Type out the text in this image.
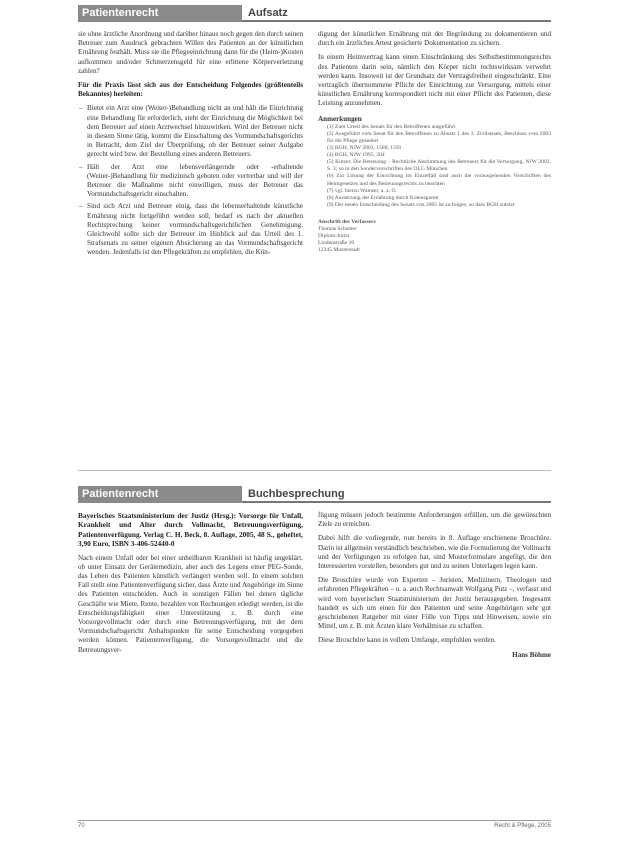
Patientenrecht	Aufsatz

sie ohne ärztliche Anordnung und darüber hinaus noch gegen den durch seinen Betreuer zum Ausdruck gebrachten Willen des Patienten an der künstlichen Ernährung festhält. Muss sie die Pflegeeinrichtung dann für die (Heim-)Kosten aufkommen und/oder Schmerzensgeld für eine erlittene Körperverletzung zahlen?

Für die Praxis lässt sich aus der Entscheidung Folgendes (größtenteils Bekanntes) herleiten:

– Bietet ein Arzt eine (Weiter-)Behandlung nicht an und hält die Einrichtung eine Behandlung für erforderlich, steht der Einrichtung die Möglichkeit bei dem Betreuer auf einen Arztwechsel hinzuwirken. Wird der Betreuer nicht in diesem Sinne tätig, kommt die Einschaltung des Vormundschaftsgerichts in Betracht, dem Ziel der Überprüfung, ob der Betreuer seiner Aufgabe gerecht wird bzw. der Bestellung eines anderen Betreuers.
– Hält der Arzt eine lebensverlängernde oder -erhaltende (Weiter-)Behandlung für medizinisch geboten oder vertretbar und will der Betreuer die Maßnahme nicht einwilligen, muss der Betreuer das Vormundschaftsgericht einschalten.
– Sind sich Arzt und Betreuer einig, dass die lebenserhaltende künstliche Ernährung nicht fortgeführt werden soll, bedarf es nach der aktuellen Rechtsprechung keiner vormundschaftsgerichtlichen Genehmigung. Gleichwohl sollte sich der Betreuer im Hinblick auf das Urteil des 1. Strafsenats zu seiner eigenen Absicherung an das Vormundschaftsgericht wenden. Jedenfalls ist den Pflegekräften zu empfehlen, die Kün-

digung der künstlichen Ernährung mit der Begründung zu dokumentieren und durch ein ärztliches Attest gesicherte Dokumentation zu sichern.

In einem Heimvertrag kann einen Einschränkung des Selbstbestimmungsrechts des Patienten darin sein, nämlich den Körper nicht rechtswirksam verwehrt werden kann. Insoweit ist der Grundsatz der Vertragsfreiheit eingeschränkt. Eine vertraglich übernommene Pflicht der Einrichtung zur Versorgung, mittels einer künstlichen Ernährung korrespondiert nicht mit einer Pflicht des Patienten, diese Leistung anzunehmen.

Anmerkungen
(1) Zum Urteil des Senats für den Betroffenen ausgeführt
(2) Ausgeführt vom Senat für den Betroffenen zu Absatz 1 des 3. Zivilsenats, Beschluss vom 2003 für die Pflege geändert
(3) BGH, NJW 2003, 1588, 1591
(4) BGH, NJW 1995, 204
(5) Kutzer, Die Betreuung – Rechtliche Abstimmung des Betreuers für die Versorgung, NJW 2003, S. 3; so in den Sondervorschriften des OLG München
(6) Zur Lösung der Einrichtung im Einzelfall sind auch die vorausgehenden Vorschriften des Heimgesetzes und des Betreuungsrechts zu beachten
(7) vgl. hierzu Wamser, a. a. O.
(8) Aussetzung der Ernährung durch Kotenspuren
(9) Der neuen Entscheidung des Senats von 2005 ist zu folgen, so dass BGH zuletzt
Anschrift des Verfassers
Thomas Schuster
Diplom-Jurist
Lindenstraße 10
12345 Musterstadt
Patientenrecht	Buchbesprechung

Bayerisches Staatsministerium der Justiz (Hrsg.): Vorsorge für Unfall, Krankheit und Alter durch Vollmacht, Betreuungsverfügung, Patientenverfügung. Verlag C. H. Beck, 8. Auflage, 2005, 48 S., geheftet, 3,90 Euro, ISBN 3-406-52440-0

Nach einem Unfall oder bei einer unheilbaren Krankheit ist häufig ungeklärt, ob unter Einsatz der Gerätemedizin, aber auch des Legens einer PEG-Sonde, das Leben des Patienten künstlich verlängert werden soll. In einem solchen Fall stellt eine Patientenverfügung sicher, dass Ärzte und Angehörige im Sinne des Patienten entscheiden. Auch in sonstigen Fällen bei denen tägliche Geschäfte wie Miete, Rente, bezahlen von Rechnungen erledigt werden, ist die Entscheidungsfähigkeit einer Unterstützung z. B. durch eine Vorsorgevollmacht oder durch eine Betreuungsverfügung, mit der dem Vormundschaftsgericht Anhaltspunkte für seine Entscheidung vorgegeben werden können. Patientenverfügung, die Vorsorgevollmacht und die Betreuungsver-

fügung müssen jedoch bestimmte Anforderungen erfüllen, um die gewünschten Ziele zu erreichen.

Dabei hilft die vorliegende, nun bereits in 8. Auflage erschienene Broschüre. Darin ist allgemein verständlich beschrieben, wie die Formulierung der Vollmacht und der Verfügungen zu erfolgen hat, sind Musterformulare angefügt, die den Interessierten vorstellen, besonders gut und zu seinen Unterlagen legen kann.

Die Broschüre wurde von Experten – Juristen, Medizinern, Theologen und erfahrenen Pflegekräften – u. a. auch Rechtsanwalt Wolfgang Putz –, verfasst und wird vom bayerischen Staatsministerium der Justiz herausgegeben. Insgesamt handelt es sich um einen für den Patienten und seine Angehörigen sehr gut geschriebenen Ratgeber mit einer Fülle von Tipps und Hinweisen, sowie ein Mittel, um z. B. mit Ärzten klare Verhältnisse zu schaffen.

Diese Broschüre kann in vollem Umfange, empfohlen werden.

Hans Böhme
70	Recht & Pflege, 2005
